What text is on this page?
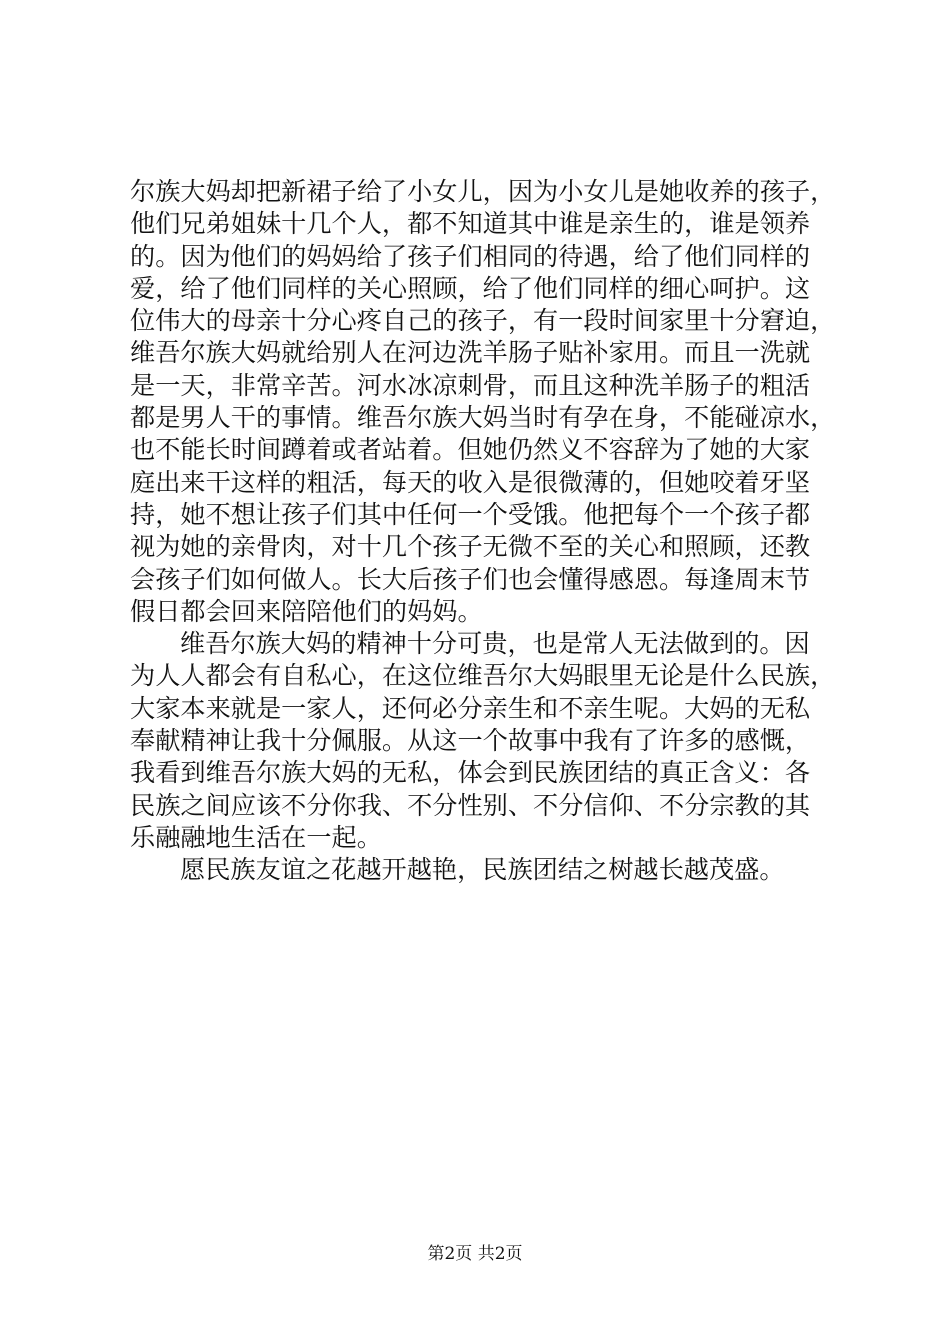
尔族大妈却把新裙子给了小女儿，因为小女儿是她收养的孩子，
他们兄弟姐妹十几个人，都不知道其中谁是亲生的，谁是领养
的。因为他们的妈妈给了孩子们相同的待遇，给了他们同样的
爱，给了他们同样的关心照顾，给了他们同样的细心呵护。这
位伟大的母亲十分心疼自己的孩子，有一段时间家里十分窘迫，
维吾尔族大妈就给别人在河边洗羊肠子贴补家用。而且一洗就
是一天，非常辛苦。河水冰凉刺骨，而且这种洗羊肠子的粗活
都是男人干的事情。维吾尔族大妈当时有孕在身，不能碰凉水，
也不能长时间蹲着或者站着。但她仍然义不容辞为了她的大家
庭出来干这样的粗活，每天的收入是很微薄的，但她咬着牙坚
持，她不想让孩子们其中任何一个受饿。他把每个一个孩子都
视为她的亲骨肉，对十几个孩子无微不至的关心和照顾，还教
会孩子们如何做人。长大后孩子们也会懂得感恩。每逢周末节
假日都会回来陪陪他们的妈妈。
维吾尔族大妈的精神十分可贵，也是常人无法做到的。因
为人人都会有自私心，在这位维吾尔大妈眼里无论是什么民族，
大家本来就是一家人，还何必分亲生和不亲生呢。大妈的无私
奉献精神让我十分佩服。从这一个故事中我有了许多的感慨，
我看到维吾尔族大妈的无私，体会到民族团结的真正含义：各
民族之间应该不分你我、不分性别、不分信仰、不分宗教的其
乐融融地生活在一起。
愿民族友谊之花越开越艳，民族团结之树越长越茂盛。
第2页 共2页
